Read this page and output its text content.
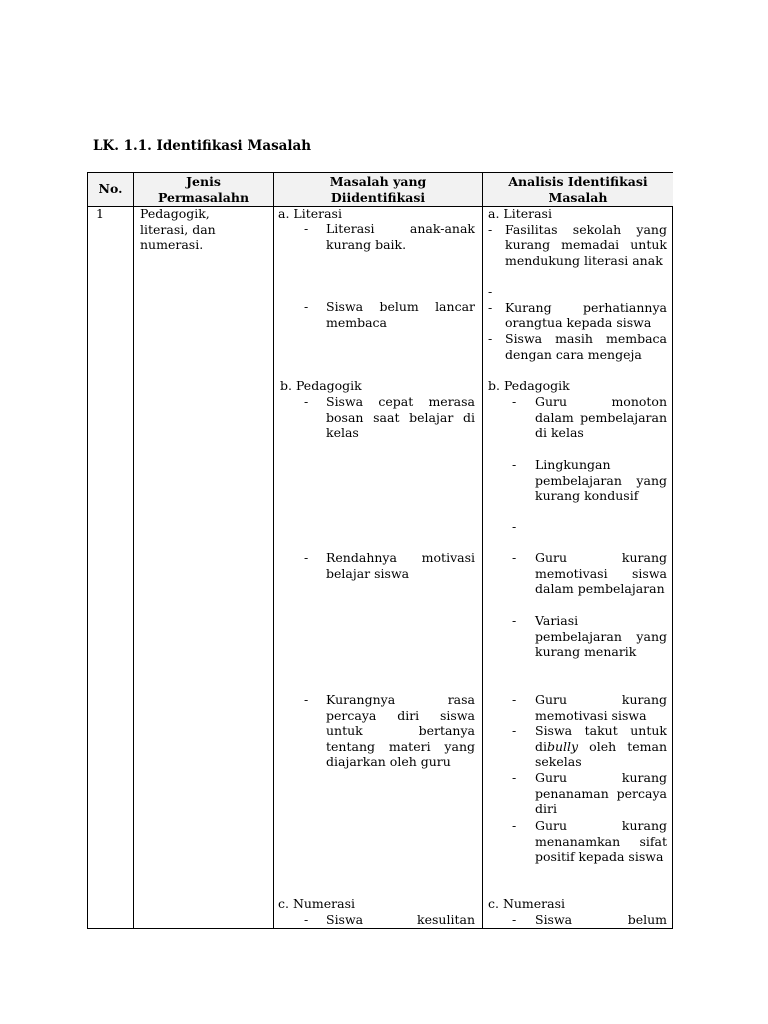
LK. 1.1. Identifikasi Masalah
No.	Jenis
Permasalahn
Masalah yang
Diidentifikasi
Analisis Identifikasi
Masalah
1	Pedagogik,
literasi, dan
numerasi.
a. Literasi
- Literasi anak-anak kurang baik.
- Siswa belum lancar membaca
b. Pedagogik
- Siswa cepat merasa bosan saat belajar di kelas
- Rendahnya motivasi belajar siswa
- Kurangnya rasa percaya diri siswa untuk bertanya tentang materi yang diajarkan oleh guru
c. Numerasi
- Siswa kesulitan
a. Literasi
- Fasilitas sekolah yang kurang memadai untuk mendukung literasi anak
-
- Kurang perhatiannya orangtua kepada siswa
- Siswa masih membaca dengan cara mengeja
b. Pedagogik
- Guru monoton dalam pembelajaran di kelas
- Lingkungan pembelajaran yang kurang kondusif
-
- Guru kurang memotivasi siswa dalam pembelajaran
- Variasi pembelajaran yang kurang menarik
- Guru kurang memotivasi siswa
- Siswa takut untuk dibully oleh teman sekelas
- Guru kurang penanaman percaya diri
- Guru kurang menanamkan sifat positif kepada siswa
c. Numerasi
- Siswa belum
